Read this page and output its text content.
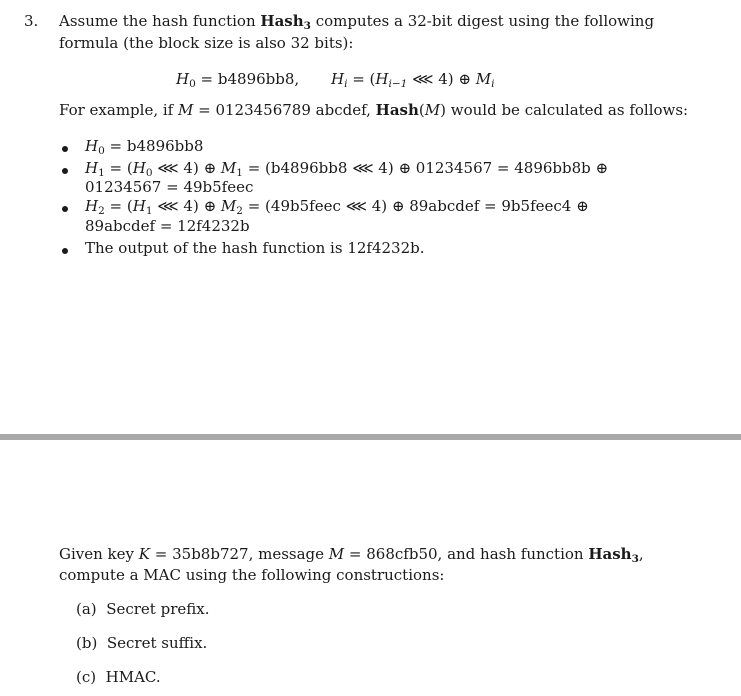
3. Assume the hash function Hash$_3$ computes a 32-bit digest using the following
formula (the block size is also 32 bits):
$H_0 = b4896bb8$, $H_i = (H_{i-1}$ ⋘ 4) ⊕ $M_i$
For example, if M = 0123456789 abcdef, Hash(M) would be calculated as follows:
$H_0 = b4896bb8$
$H_1 = (H_0$ ⋘ 4) ⊕ $M_1 = (b4896bb8$ ⋘ 4) ⊕ 01234567 = 4896bb8b ⊕
01234567 = 49b5feec
$H_2 = (H_1$ ⋘ 4) ⊕ $M_2$ = (49b5feec ⋘ 4) ⊕ 89abcdef = 9b5feec4 ⊕
89abcdef = 12f4232b
The output of the hash function is 12f4232b.
Given key K = 35b8b727, message M = 868cfb50, and hash function Hash$_3$,
compute a MAC using the following constructions:
(a) Secret prefix.
(b) Secret suffix.
(c) HMAC.
